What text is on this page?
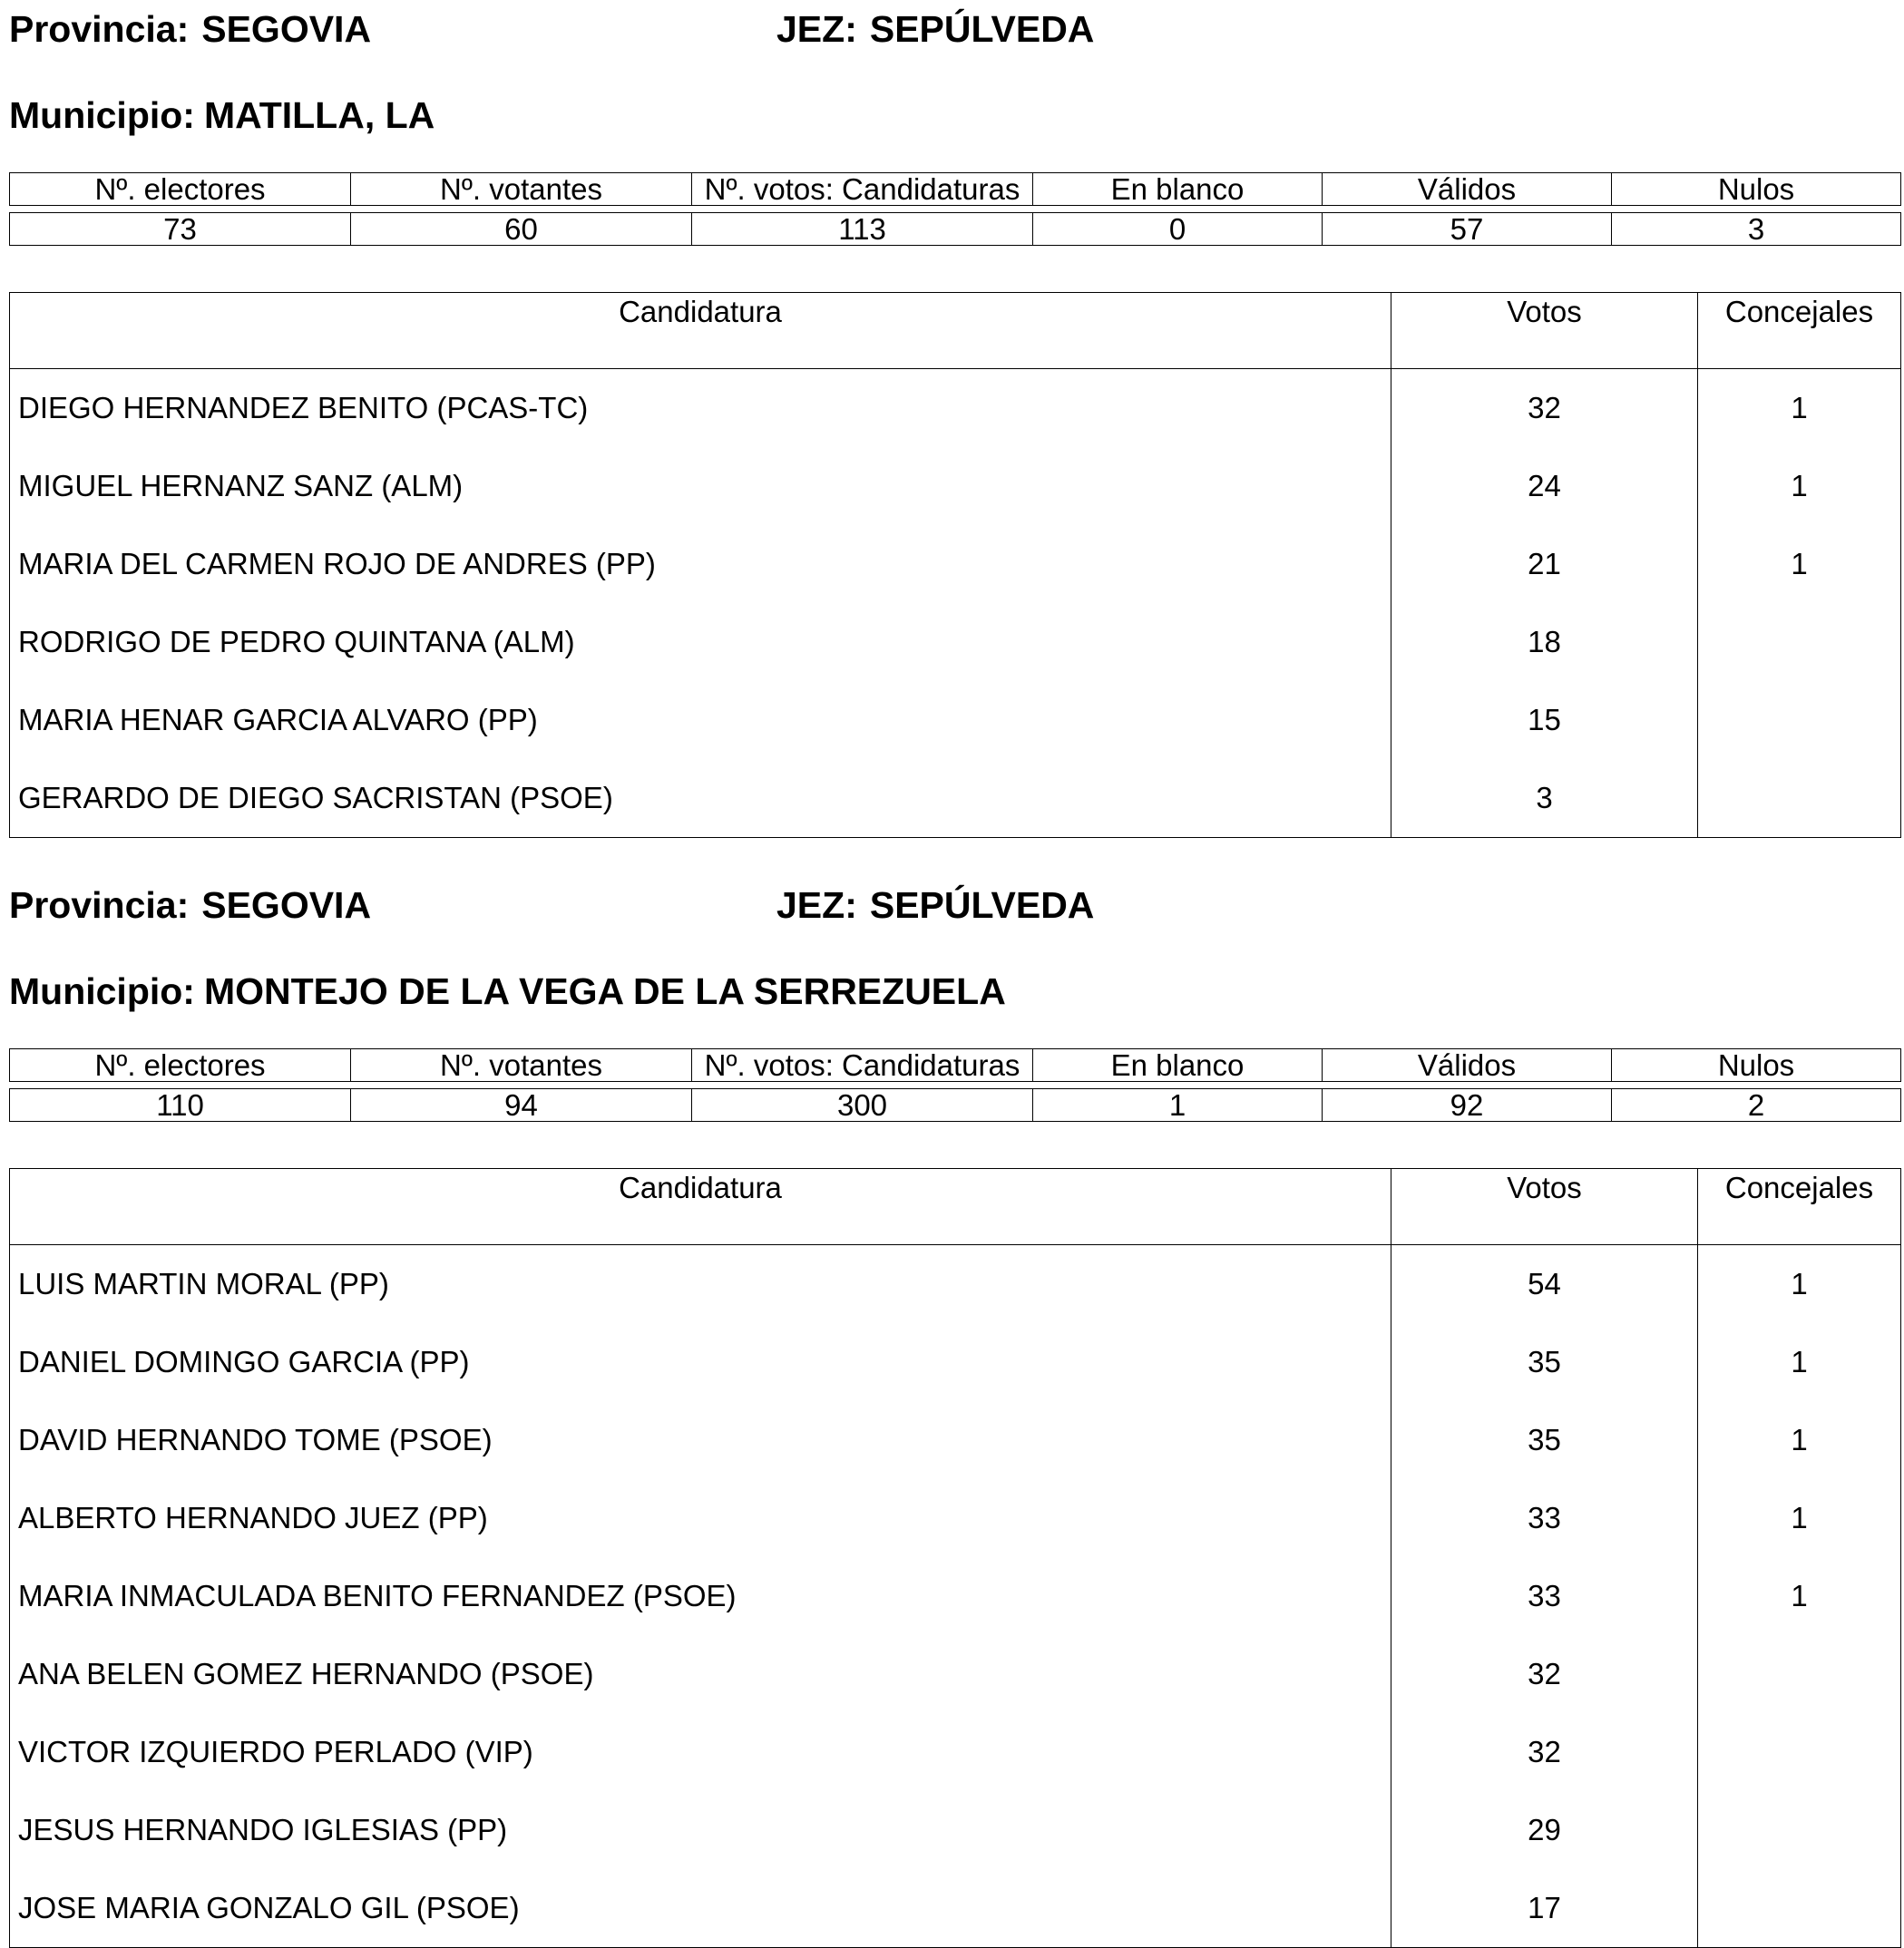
Provincia: SEGOVIA	JEZ: SEPÚLVEDA
Municipio: MATILLA, LA
Nº. electores	Nº. votantes	Nº. votos: Candidaturas	En blanco	Válidos	Nulos
73	60	113	0	57	3
Candidatura	Votos	Concejales
DIEGO HERNANDEZ BENITO (PCAS-TC)	32	1
MIGUEL HERNANZ SANZ (ALM)	24	1
MARIA DEL CARMEN ROJO DE ANDRES (PP)	21	1
RODRIGO DE PEDRO QUINTANA (ALM)	18	
MARIA HENAR GARCIA ALVARO (PP)	15	
GERARDO DE DIEGO SACRISTAN (PSOE)	3	
Provincia: SEGOVIA	JEZ: SEPÚLVEDA
Municipio: MONTEJO DE LA VEGA DE LA SERREZUELA
Nº. electores	Nº. votantes	Nº. votos: Candidaturas	En blanco	Válidos	Nulos
110	94	300	1	92	2
Candidatura	Votos	Concejales
LUIS MARTIN MORAL (PP)	54	1
DANIEL DOMINGO GARCIA (PP)	35	1
DAVID HERNANDO TOME (PSOE)	35	1
ALBERTO HERNANDO JUEZ (PP)	33	1
MARIA INMACULADA BENITO FERNANDEZ (PSOE)	33	1
ANA BELEN GOMEZ HERNANDO (PSOE)	32	
VICTOR IZQUIERDO PERLADO (VIP)	32	
JESUS HERNANDO IGLESIAS (PP)	29	
JOSE MARIA GONZALO GIL (PSOE)	17	
